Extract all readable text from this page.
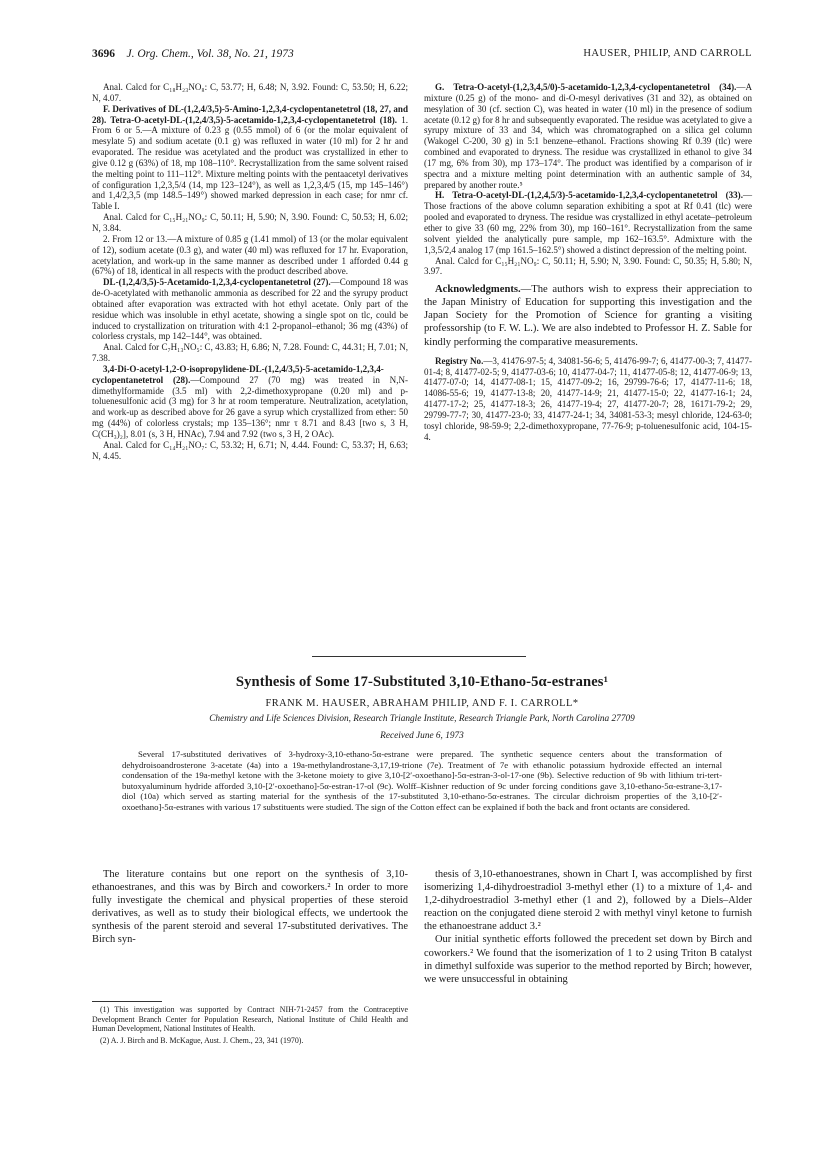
3696 J. Org. Chem., Vol. 38, No. 21, 1973	HAUSER, PHILIP, AND CARROLL

Anal. Calcd for C₁₈H₂₃NO₈: C, 53.77; H, 6.48; N, 3.92. Found: C, 53.50; H, 6.22; N, 4.07.

F. Derivatives of DL-(1,2,4/3,5)-5-Amino-1,2,3,4-cyclopentanetetrol (18, 27, and 28). Tetra-O-acetyl-DL-(1,2,4/3,5)-5-acetamido-1,2,3,4-cyclopentanetetrol (18). 1. From 6 or 5.—A mixture of 0.23 g (0.55 mmol) of 6 (or the molar equivalent of mesylate 5) and sodium acetate (0.1 g) was refluxed in water (10 ml) for 2 hr and evaporated. The residue was acetylated and the product was crystallized in ether to give 0.12 g (63%) of 18, mp 108–110°. Recrystallization from the same solvent raised the melting point to 111–112°. Mixture melting points with the pentaacetyl derivatives of configuration 1,2,3,5/4 (14, mp 123–124°), as well as 1,2,3,4/5 (15, mp 145–146°) and 1,4/2,3,5 (mp 148.5–149°) showed marked depression in each case; for nmr cf. Table I.

Anal. Calcd for C₁₅H₂₁NO₉: C, 50.11; H, 5.90; N, 3.90. Found: C, 50.53; H, 6.02; N, 3.84.

2. From 12 or 13.—A mixture of 0.85 g (1.41 mmol) of 13 (or the molar equivalent of 12), sodium acetate (0.3 g), and water (40 ml) was refluxed for 17 hr. Evaporation, acetylation, and work-up in the same manner as described under 1 afforded 0.44 g (67%) of 18, identical in all respects with the product described above.

DL-(1,2,4/3,5)-5-Acetamido-1,2,3,4-cyclopentanetetrol (27).—Compound 18 was de-O-acetylated with methanolic ammonia as described for 22 and the syrupy product obtained after evaporation was extracted with hot ethyl acetate. Only part of the residue which was insoluble in ethyl acetate, showing a single spot on tlc, could be induced to crystallization on trituration with 4:1 2-propanol–ethanol; 36 mg (43%) of colorless crystals, mp 142–144°, was obtained.

Anal. Calcd for C₇H₁₃NO₅: C, 43.83; H, 6.86; N, 7.28. Found: C, 44.31; H, 7.01; N, 7.38.

3,4-Di-O-acetyl-1,2-O-isopropylidene-DL-(1,2,4/3,5)-5-acetamido-1,2,3,4-cyclopentanetetrol (28).—Compound 27 (70 mg) was treated in N,N-dimethylformamide (3.5 ml) with 2,2-dimethoxypropane (0.20 ml) and p-toluenesulfonic acid (3 mg) for 3 hr at room temperature. Neutralization, acetylation, and work-up as described above for 26 gave a syrup which crystallized from ether: 50 mg (44%) of colorless crystals; mp 135–136°; nmr τ 8.71 and 8.43 [two s, 3 H, C(CH₃)₂], 8.01 (s, 3 H, HNAc), 7.94 and 7.92 (two s, 3 H, 2 OAc).

Anal. Calcd for C₁₄H₂₁NO₇: C, 53.32; H, 6.71; N, 4.44. Found: C, 53.37; H, 6.63; N, 4.45.

G. Tetra-O-acetyl-(1,2,3,4,5/0)-5-acetamido-1,2,3,4-cyclopentanetetrol (34).—A mixture (0.25 g) of the mono- and di-O-mesyl derivatives (31 and 32), as obtained on mesylation of 30 (cf. section C), was heated in water (10 ml) in the presence of sodium acetate (0.12 g) for 8 hr and subsequently evaporated. The residue was acetylated to give a syrupy mixture of 33 and 34, which was chromatographed on a silica gel column (Wakogel C-200, 30 g) in 5:1 benzene–ethanol. Fractions showing Rf 0.39 (tlc) were combined and evaporated to dryness. The residue was crystallized in ethanol to give 34 (17 mg, 6% from 30), mp 173–174°. The product was identified by a comparison of ir spectra and a mixture melting point determination with an authentic sample of 34, prepared by another route.⁵

H. Tetra-O-acetyl-DL-(1,2,4,5/3)-5-acetamido-1,2,3,4-cyclopentanetetrol (33).—Those fractions of the above column separation exhibiting a spot at Rf 0.41 (tlc) were pooled and evaporated to dryness. The residue was crystallized in ethyl acetate–petroleum ether to give 33 (60 mg, 22% from 30), mp 160–161°. Recrystallization from the same solvent yielded the analytically pure sample, mp 162–163.5°. Admixture with the 1,3,5/2,4 analog 17 (mp 161.5–162.5°) showed a distinct depression of the melting point.

Anal. Calcd for C₁₅H₂₁NO₉: C, 50.11; H, 5.90; N, 3.90. Found: C, 50.35; H, 5.80; N, 3.97.

Acknowledgments.—The authors wish to express their appreciation to the Japan Ministry of Education for supporting this investigation and the Japan Society for the Promotion of Science for granting a visiting professorship (to F. W. L.). We are also indebted to Professor H. Z. Sable for kindly performing the comparative measurements.

Registry No.—3, 41476-97-5; 4, 34081-56-6; 5, 41476-99-7; 6, 41477-00-3; 7, 41477-01-4; 8, 41477-02-5; 9, 41477-03-6; 10, 41477-04-7; 11, 41477-05-8; 12, 41477-06-9; 13, 41477-07-0; 14, 41477-08-1; 15, 41477-09-2; 16, 29799-76-6; 17, 41477-11-6; 18, 14086-55-6; 19, 41477-13-8; 20, 41477-14-9; 21, 41477-15-0; 22, 41477-16-1; 24, 41477-17-2; 25, 41477-18-3; 26, 41477-19-4; 27, 41477-20-7; 28, 16171-79-2; 29, 29799-77-7; 30, 41477-23-0; 33, 41477-24-1; 34, 34081-53-3; mesyl chloride, 124-63-0; tosyl chloride, 98-59-9; 2,2-dimethoxypropane, 77-76-9; p-toluenesulfonic acid, 104-15-4.

Synthesis of Some 17-Substituted 3,10-Ethano-5α-estranes¹
FRANK M. HAUSER, ABRAHAM PHILIP, AND F. I. CARROLL*
Chemistry and Life Sciences Division, Research Triangle Institute, Research Triangle Park, North Carolina 27709
Received June 6, 1973

Several 17-substituted derivatives of 3-hydroxy-3,10-ethano-5α-estrane were prepared. The synthetic sequence centers about the transformation of dehydroisoandrosterone 3-acetate (4a) into a 19a-methylandrostane-3,17,19-trione (7e). Treatment of 7e with ethanolic potassium hydroxide effected an internal condensation of the 19a-methyl ketone with the 3-ketone moiety to give 3,10-[2′-oxoethano]-5α-estran-3-ol-17-one (9b). Selective reduction of 9b with lithium tri-tert-butoxyaluminum hydride afforded 3,10-[2′-oxoethano]-5α-estran-17-ol (9c). Wolff–Kishner reduction of 9c under forcing conditions gave 3,10-ethano-5α-estrane-3,17-diol (10a) which served as starting material for the synthesis of the 17-substituted 3,10-ethano-5α-estranes. The circular dichroism properties of the 3,10-[2′-oxoethano]-5α-estranes with various 17 substituents were studied. The sign of the Cotton effect can be explained if both the back and front octants are considered.

The literature contains but one report on the synthesis of 3,10-ethanoestranes, and this was by Birch and coworkers.² In order to more fully investigate the chemical and physical properties of these steroid derivatives, as well as to study their biological effects, we undertook the synthesis of the parent steroid and several 17-substituted derivatives. The Birch syn-

(1) This investigation was supported by Contract NIH-71-2457 from the Contraceptive Development Branch Center for Population Research, National Institute of Child Health and Human Development, National Institutes of Health.

(2) A. J. Birch and B. McKague, Aust. J. Chem., 23, 341 (1970).

thesis of 3,10-ethanoestranes, shown in Chart I, was accomplished by first isomerizing 1,4-dihydroestradiol 3-methyl ether (1) to a mixture of 1,4- and 1,2-dihydroestradiol 3-methyl ether (1 and 2), followed by a Diels–Alder reaction on the conjugated diene steroid 2 with methyl vinyl ketone to furnish the ethanoestrane adduct 3.²

Our initial synthetic efforts followed the precedent set down by Birch and coworkers.² We found that the isomerization of 1 to 2 using Triton B catalyst in dimethyl sulfoxide was superior to the method reported by Birch; however, we were unsuccessful in obtaining
